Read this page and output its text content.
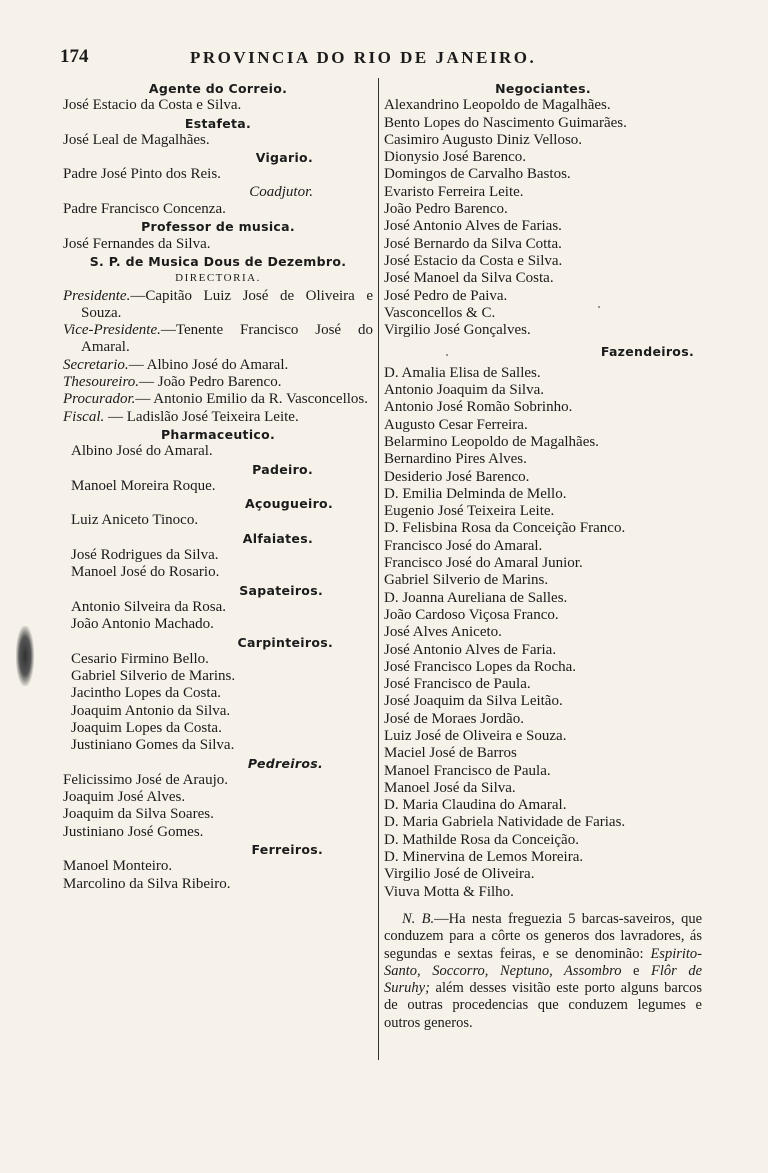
174	PROVINCIA DO RIO DE JANEIRO.
Agente do Correio.
José Estacio da Costa e Silva.
Estafeta.
José Leal de Magalhães.
Vigario.
Padre José Pinto dos Reis.
Coadjutor.
Padre Francisco Concenza.
Professor de musica.
José Fernandes da Silva.
S. P. de Musica Dous de Dezembro.
DIRECTORIA.
Presidente.—Capitão Luiz José de Oliveira e Souza.
Vice-Presidente.—Tenente Francisco José do Amaral.
Secretario.— Albino José do Amaral.
Thesoureiro.— João Pedro Barenco.
Procurador.— Antonio Emilio da R. Vasconcellos.
Fiscal. — Ladislão José Teixeira Leite.
Pharmaceutico.
Albino José do Amaral.
Padeiro.
Manoel Moreira Roque.
Açougueiro.
Luiz Aniceto Tinoco.
Alfaiates.
José Rodrigues da Silva.
Manoel José do Rosario.
Sapateiros.
Antonio Silveira da Rosa.
João Antonio Machado.
Carpinteiros.
Cesario Firmino Bello.
Gabriel Silverio de Marins.
Jacintho Lopes da Costa.
Joaquim Antonio da Silva.
Joaquim Lopes da Costa.
Justiniano Gomes da Silva.
Pedreiros.
Felicissimo José de Araujo.
Joaquim José Alves.
Joaquim da Silva Soares.
Justiniano José Gomes.
Ferreiros.
Manoel Monteiro.
Marcolino da Silva Ribeiro.
Negociantes.
Alexandrino Leopoldo de Magalhães.
Bento Lopes do Nascimento Guimarães.
Casimiro Augusto Diniz Velloso.
Dionysio José Barenco.
Domingos de Carvalho Bastos.
Evaristo Ferreira Leite.
João Pedro Barenco.
José Antonio Alves de Farias.
José Bernardo da Silva Cotta.
José Estacio da Costa e Silva.
José Manoel da Silva Costa.
José Pedro de Paiva.
Vasconcellos & C.
Virgilio José Gonçalves.
Fazendeiros.
D. Amalia Elisa de Salles.
Antonio Joaquim da Silva.
Antonio José Romão Sobrinho.
Augusto Cesar Ferreira.
Belarmino Leopoldo de Magalhães.
Bernardino Pires Alves.
Desiderio José Barenco.
D. Emilia Delminda de Mello.
Eugenio José Teixeira Leite.
D. Felisbina Rosa da Conceição Franco.
Francisco José do Amaral.
Francisco José do Amaral Junior.
Gabriel Silverio de Marins.
D. Joanna Aureliana de Salles.
João Cardoso Viçosa Franco.
José Alves Aniceto.
José Antonio Alves de Faria.
José Francisco Lopes da Rocha.
José Francisco de Paula.
José Joaquim da Silva Leitão.
José de Moraes Jordão.
Luiz José de Oliveira e Souza.
Maciel José de Barros
Manoel Francisco de Paula.
Manoel José da Silva.
D. Maria Claudina do Amaral.
D. Maria Gabriela Natividade de Farias.
D. Mathilde Rosa da Conceição.
D. Minervina de Lemos Moreira.
Virgilio José de Oliveira.
Viuva Motta & Filho.
N. B.—Ha nesta freguezia 5 barcas-saveiros, que conduzem para a côrte os generos dos lavradores, ás segundas e sextas feiras, e se denominão: Espirito-Santo, Soccorro, Neptuno, Assombro e Flôr de Suruhy; além desses visitão este porto alguns barcos de outras procedencias que conduzem legumes e outros generos.
